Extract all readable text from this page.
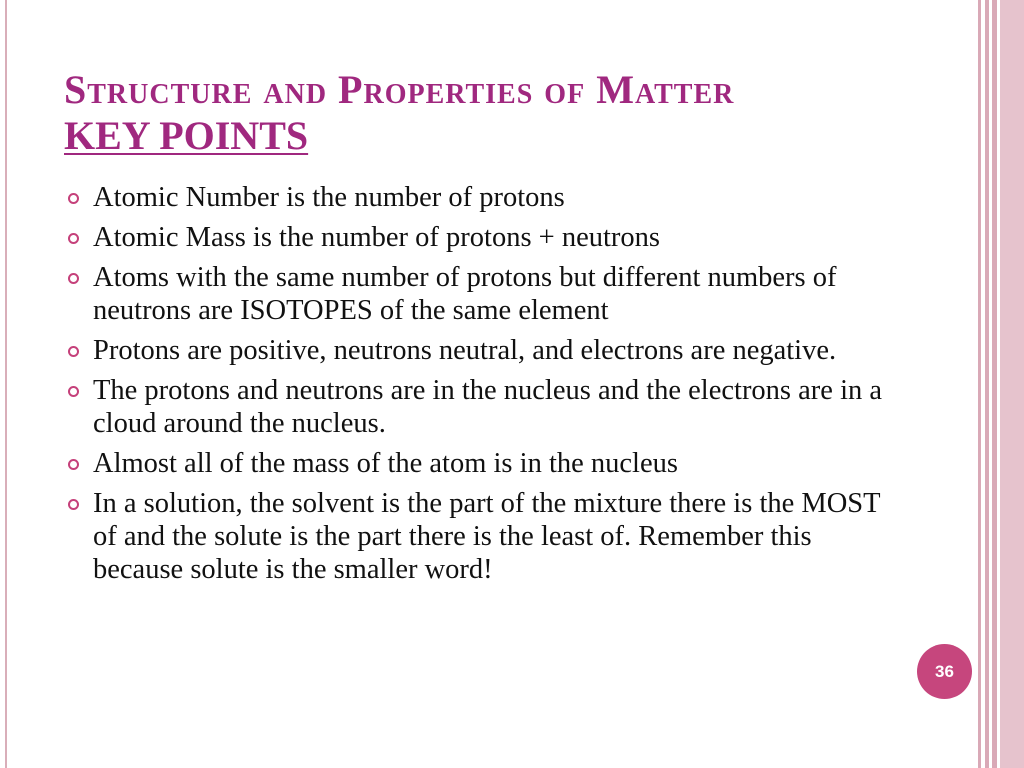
Structure and Properties of Matter
KEY POINTS
Atomic Number is the number of protons
Atomic Mass is the number of protons + neutrons
Atoms with the same number of protons but different numbers of neutrons are ISOTOPES of the same element
Protons are positive, neutrons neutral, and electrons are negative.
The protons and neutrons are in the nucleus and the electrons are in a cloud around the nucleus.
Almost all of the mass of the atom is in the nucleus
In a solution, the solvent is the part of the mixture there is the MOST of and the solute is the part there is the least of. Remember this because solute is the smaller word!
36
